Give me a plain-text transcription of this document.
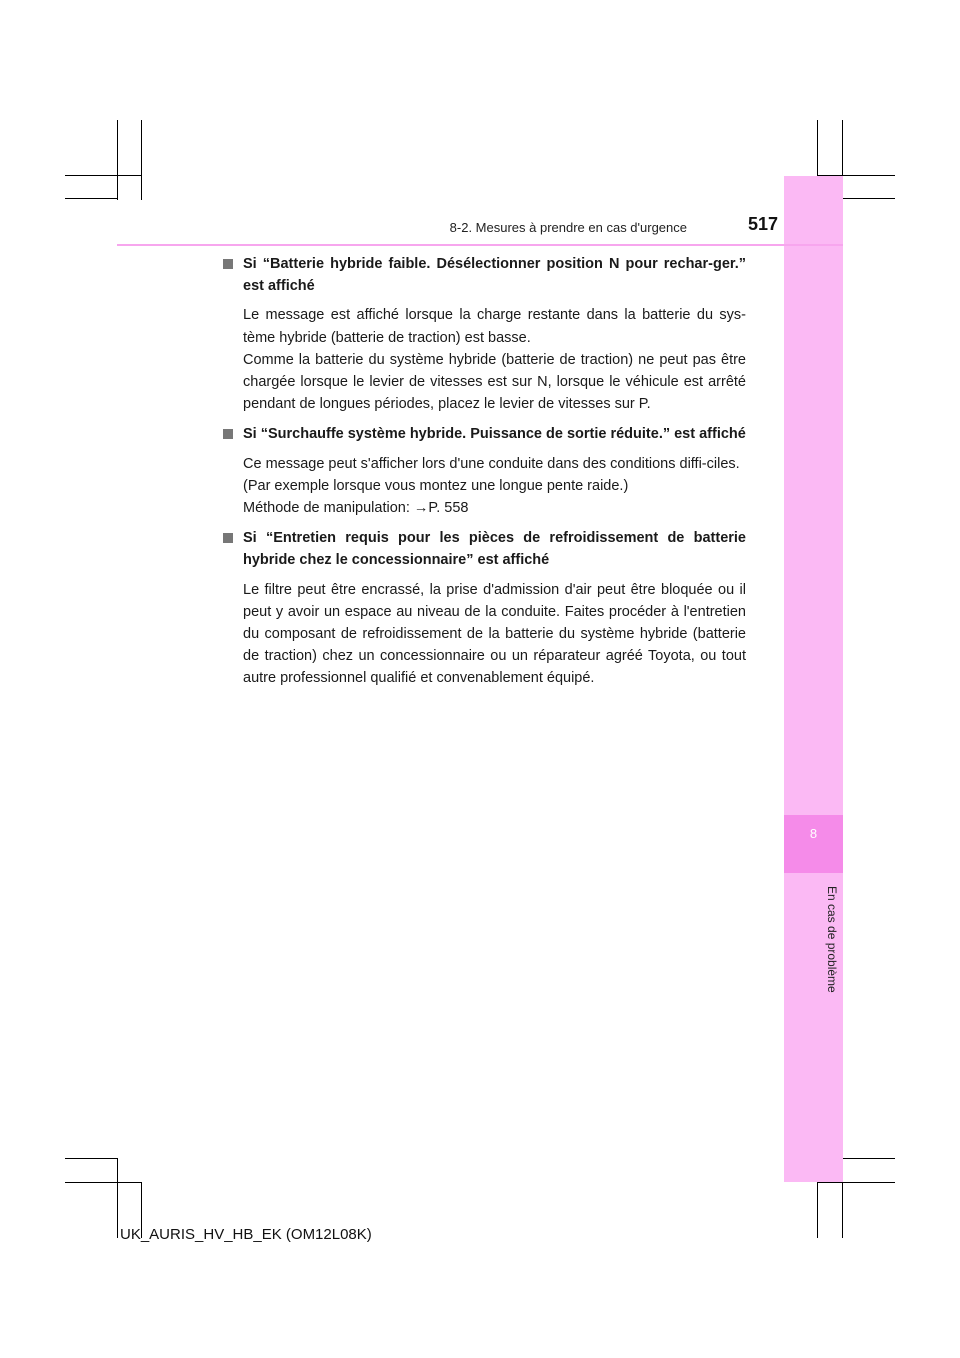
8
En cas de problème
8-2. Mesures à prendre en cas d'urgence	517
Si “Batterie hybride faible. Désélectionner position N pour rechar-ger.” est affiché

Le message est affiché lorsque la charge restante dans la batterie du sys-tème hybride (batterie de traction) est basse.

Comme la batterie du système hybride (batterie de traction) ne peut pas être chargée lorsque le levier de vitesses est sur N, lorsque le véhicule est arrêté pendant de longues périodes, placez le levier de vitesses sur P.

Si “Surchauffe système hybride. Puissance de sortie réduite.” est affiché

Ce message peut s'afficher lors d'une conduite dans des conditions diffi-ciles.

(Par exemple lorsque vous montez une longue pente raide.)

Méthode de manipulation: →P. 558

Si “Entretien requis pour les pièces de refroidissement de batterie hybride chez le concessionnaire” est affiché

Le filtre peut être encrassé, la prise d'admission d'air peut être bloquée ou il peut y avoir un espace au niveau de la conduite. Faites procéder à l'entretien du composant de refroidissement de la batterie du système hybride (batterie de traction) chez un concessionnaire ou un réparateur agréé Toyota, ou tout autre professionnel qualifié et convenablement équipé.

UK_AURIS_HV_HB_EK (OM12L08K)
